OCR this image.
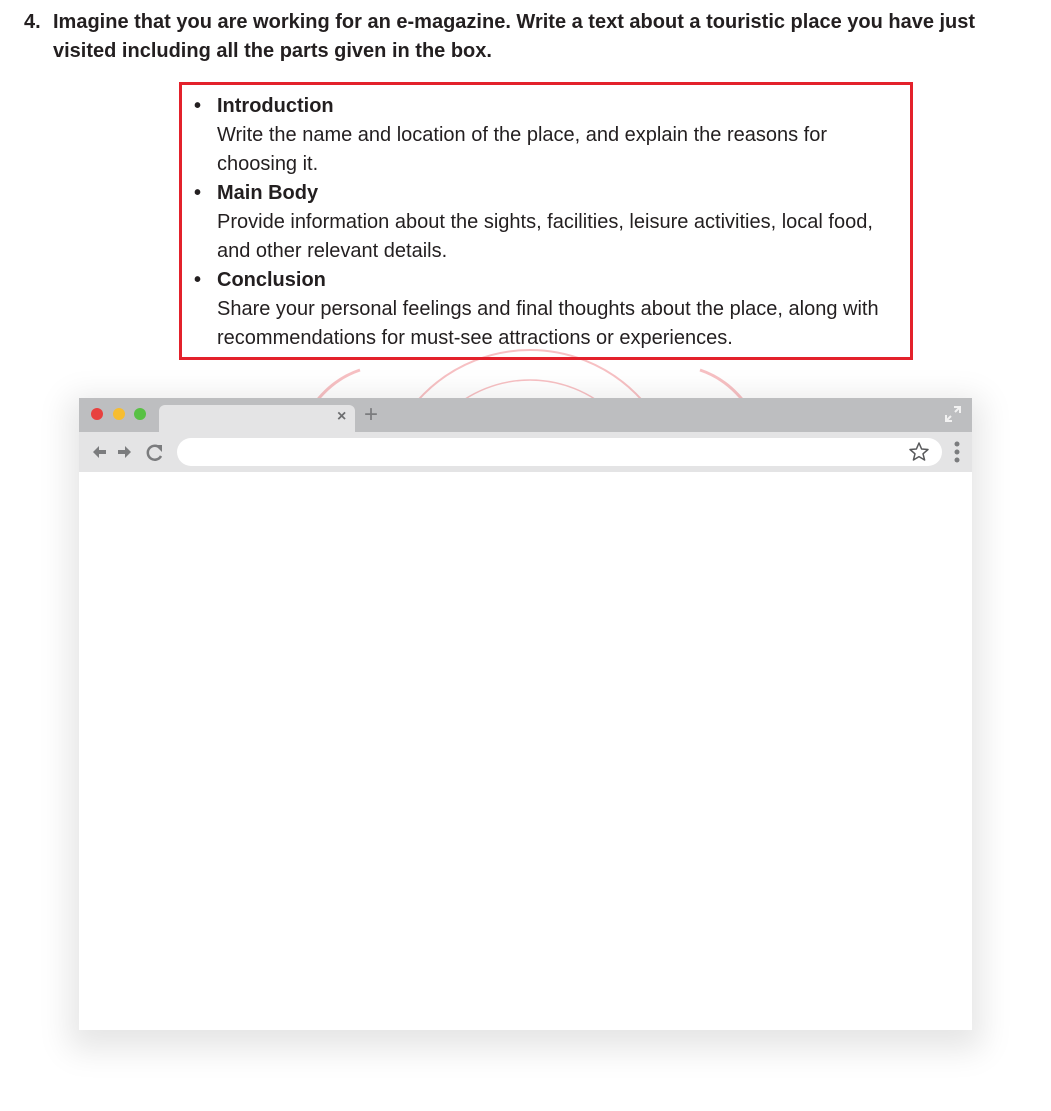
4. Imagine that you are working for an e-magazine. Write a text about a touristic place you have just visited including all the parts given in the box.
• Introduction
Write the name and location of the place, and explain the reasons for choosing it.
• Main Body
Provide information about the sights, facilities, leisure activities, local food, and other relevant details.
• Conclusion
Share your personal feelings and final thoughts about the place, along with recommendations for must-see attractions or experiences.
× +
